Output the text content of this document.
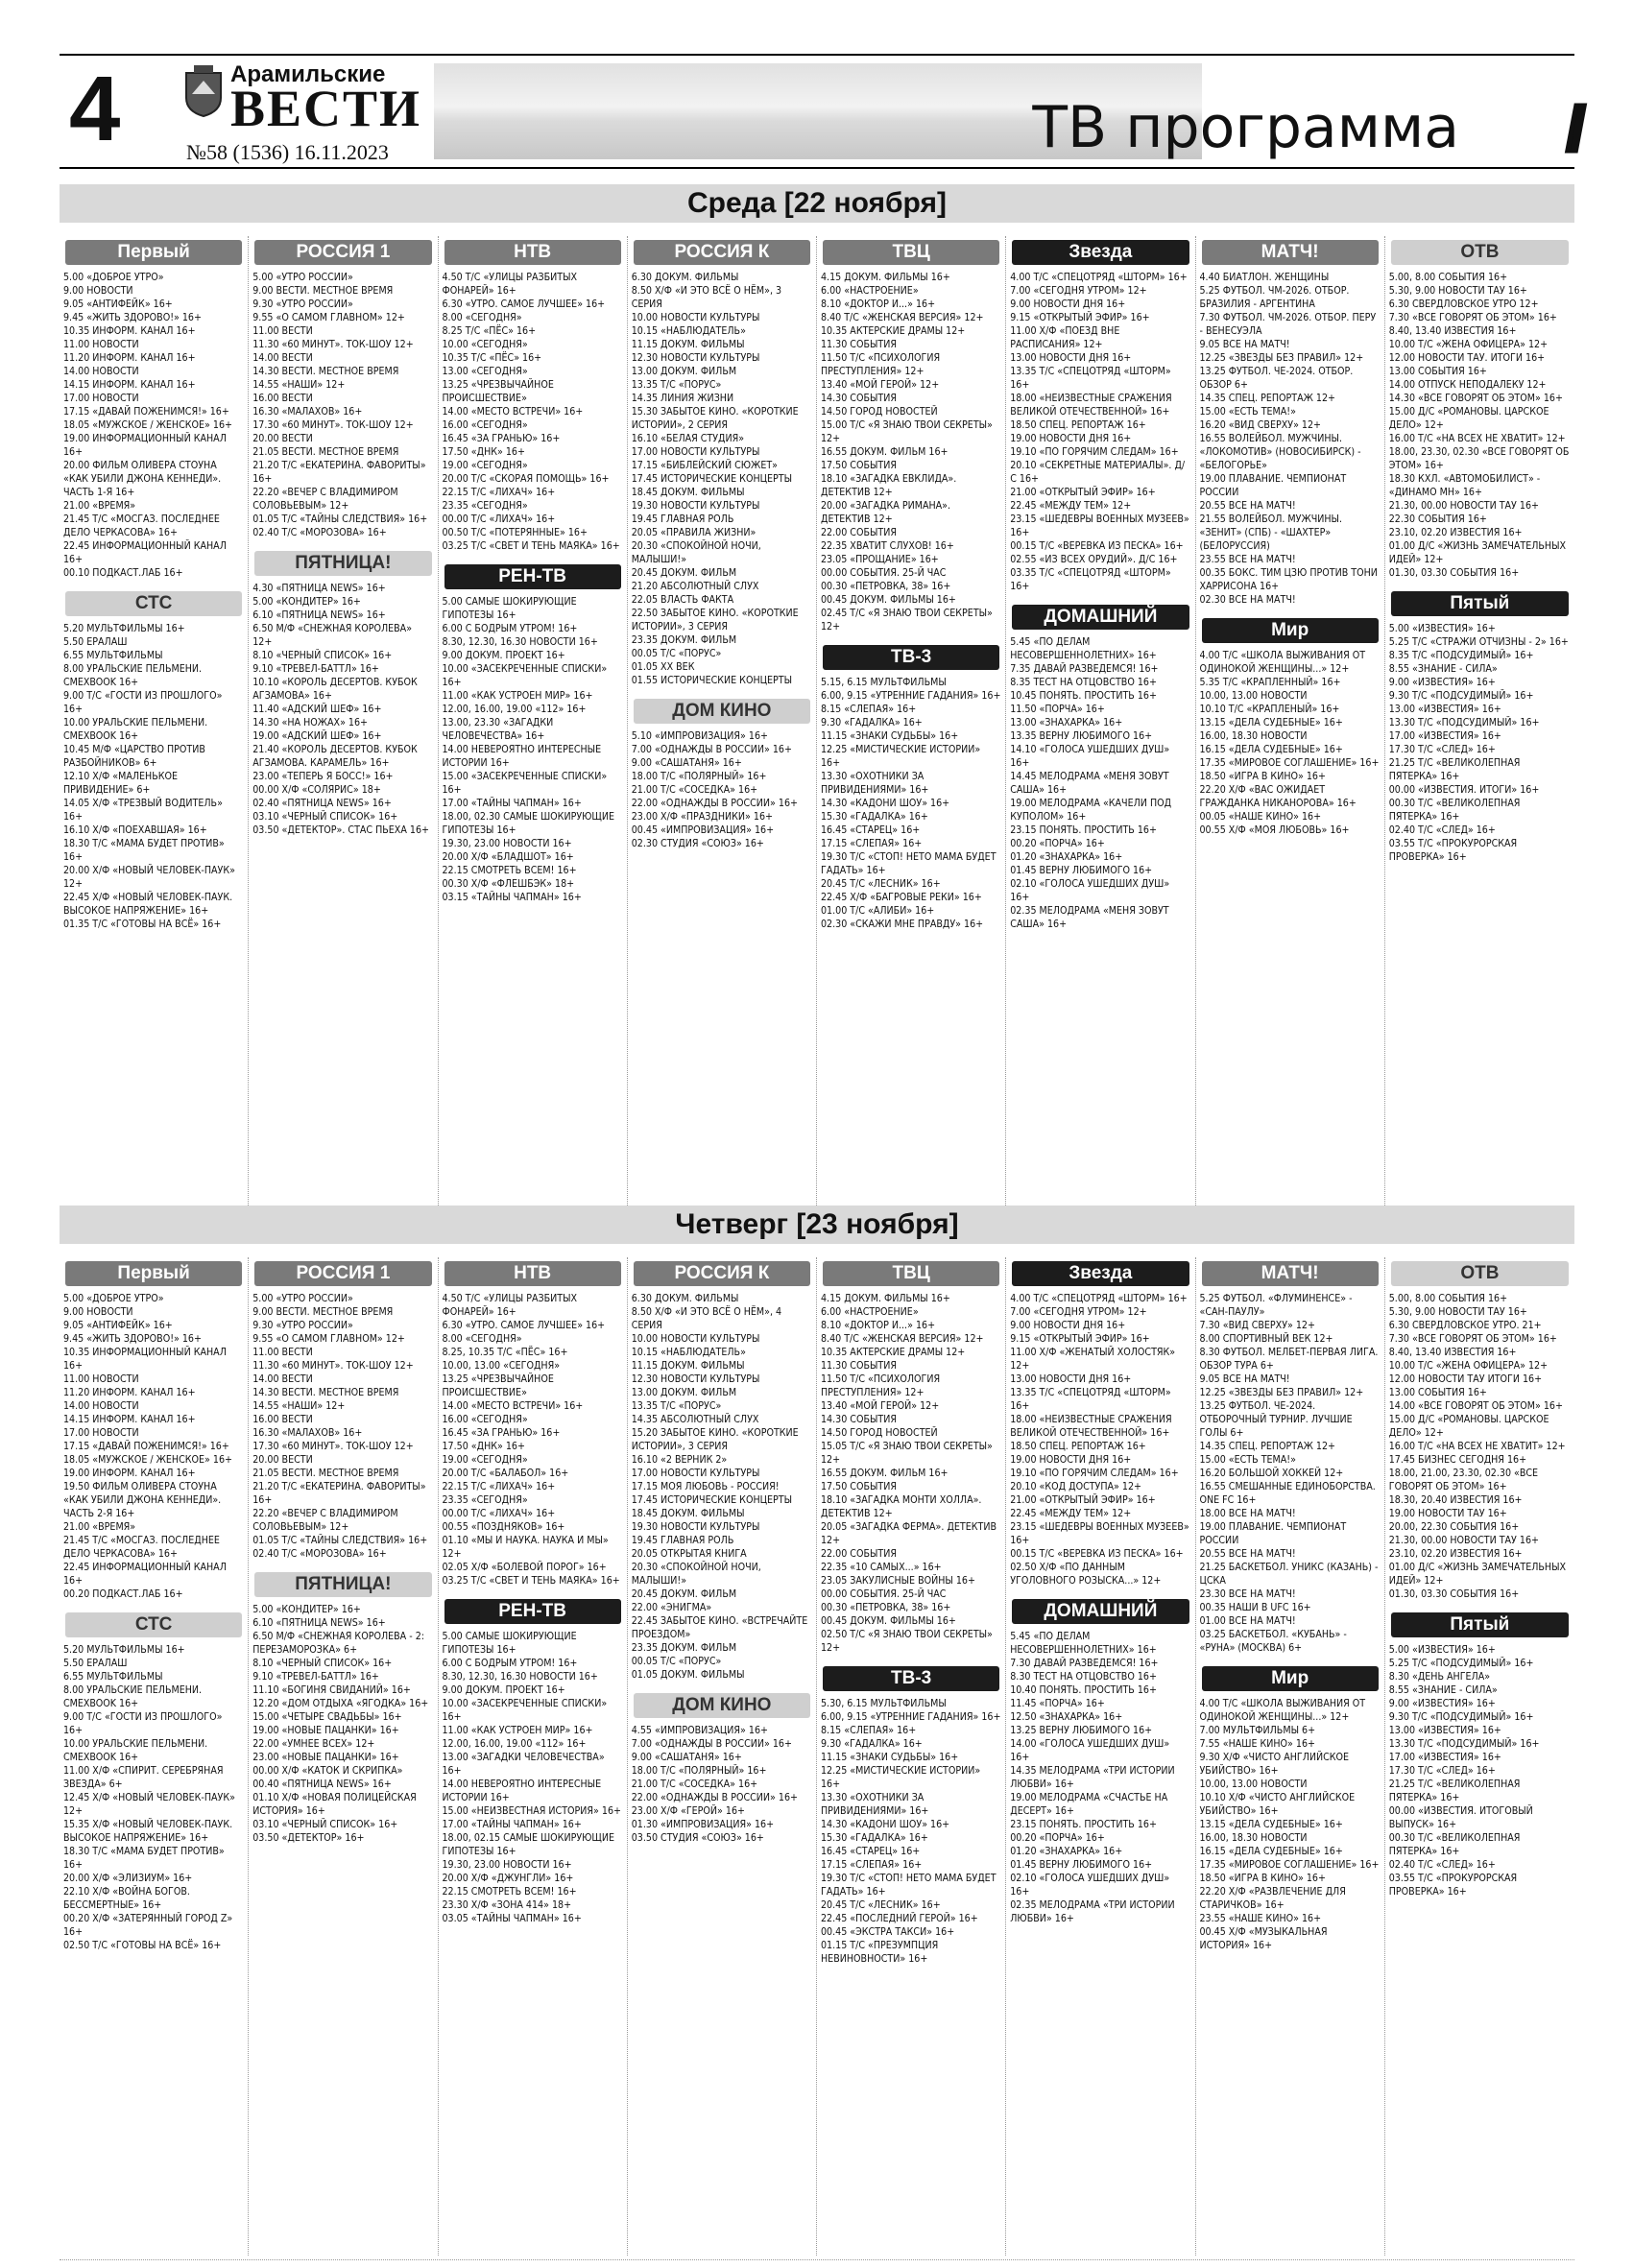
4	Арамильские
ВЕСТИ
№58 (1536) 16.11.2023	ТВ программа //
Среда [22 ноября]
Первый
5.00 «ДОБРОЕ УТРО»
9.00 НОВОСТИ
9.05 «АНТИФЕЙК» 16+
9.45 «ЖИТЬ ЗДОРОВО!» 16+
10.35 ИНФОРМ. КАНАЛ 16+
11.00 НОВОСТИ
11.20 ИНФОРМ. КАНАЛ 16+
14.00 НОВОСТИ
14.15 ИНФОРМ. КАНАЛ 16+
17.00 НОВОСТИ
17.15 «ДАВАЙ ПОЖЕНИМСЯ!» 16+
18.05 «МУЖСКОЕ / ЖЕНСКОЕ» 16+
19.00 ИНФОРМАЦИОННЫЙ КАНАЛ 16+
20.00 ФИЛЬМ ОЛИВЕРА СТОУНА «КАК УБИЛИ ДЖОНА КЕННЕДИ». ЧАСТЬ 1-Я 16+
21.00 «ВРЕМЯ»
21.45 Т/С «МОСГАЗ. ПОСЛЕДНЕЕ ДЕЛО ЧЕРКАСОВА» 16+
22.45 ИНФОРМАЦИОННЫЙ КАНАЛ 16+
00.10 ПОДКАСТ.ЛАБ 16+
СТС
5.20 МУЛЬТФИЛЬМЫ 16+
5.50 ЕРАЛАШ
6.55 МУЛЬТФИЛЬМЫ
8.00 УРАЛЬСКИЕ ПЕЛЬМЕНИ. СМЕХBOOK 16+
9.00 Т/С «ГОСТИ ИЗ ПРОШЛОГО» 16+
10.00 УРАЛЬСКИЕ ПЕЛЬМЕНИ. СМЕХBOOK 16+
10.45 М/Ф «ЦАРСТВО ПРОТИВ РАЗБОЙНИКОВ» 6+
12.10 Х/Ф «МАЛЕНЬКОЕ ПРИВИДЕНИЕ» 6+
14.05 Х/Ф «ТРЕЗВЫЙ ВОДИТЕЛЬ» 16+
16.10 Х/Ф «ПОЕХАВШАЯ» 16+
18.30 Т/С «МАМА БУДЕТ ПРОТИВ» 16+
20.00 Х/Ф «НОВЫЙ ЧЕЛОВЕК-ПАУК» 12+
22.45 Х/Ф «НОВЫЙ ЧЕЛОВЕК-ПАУК. ВЫСОКОЕ НАПРЯЖЕНИЕ» 16+
01.35 Т/С «ГОТОВЫ НА ВСЁ» 16+
РОССИЯ 1
5.00 «УТРО РОССИИ»
9.00 ВЕСТИ. МЕСТНОЕ ВРЕМЯ
9.30 «УТРО РОССИИ»
9.55 «О САМОМ ГЛАВНОМ» 12+
11.00 ВЕСТИ
11.30 «60 МИНУТ». ТОК-ШОУ 12+
14.00 ВЕСТИ
14.30 ВЕСТИ. МЕСТНОЕ ВРЕМЯ
14.55 «НАШИ» 12+
16.00 ВЕСТИ
16.30 «МАЛАХОВ» 16+
17.30 «60 МИНУТ». ТОК-ШОУ 12+
20.00 ВЕСТИ
21.05 ВЕСТИ. МЕСТНОЕ ВРЕМЯ
21.20 Т/С «ЕКАТЕРИНА. ФАВОРИТЫ» 16+
22.20 «ВЕЧЕР С ВЛАДИМИРОМ СОЛОВЬЕВЫМ» 12+
01.05 Т/С «ТАЙНЫ СЛЕДСТВИЯ» 16+
02.40 Т/С «МОРОЗОВА» 16+
ПЯТНИЦА!
4.30 «ПЯТНИЦА NEWS» 16+
5.00 «КОНДИТЕР» 16+
6.10 «ПЯТНИЦА NEWS» 16+
6.50 М/Ф «СНЕЖНАЯ КОРОЛЕВА» 12+
8.10 «ЧЕРНЫЙ СПИСОК» 16+
9.10 «ТРЕВЕЛ-БАТТЛ» 16+
10.10 «КОРОЛЬ ДЕСЕРТОВ. КУБОК АГЗАМОВА» 16+
11.40 «АДСКИЙ ШЕФ» 16+
14.30 «НА НОЖАХ» 16+
19.00 «АДСКИЙ ШЕФ» 16+
21.40 «КОРОЛЬ ДЕСЕРТОВ. КУБОК АГЗАМОВА. КАРАМЕЛЬ» 16+
23.00 «ТЕПЕРЬ Я БОСС!» 16+
00.00 Х/Ф «СОЛЯРИС» 18+
02.40 «ПЯТНИЦА NEWS» 16+
03.10 «ЧЕРНЫЙ СПИСОК» 16+
03.50 «ДЕТЕКТОР». СТАС ПЬЕХА 16+
НТВ
4.50 Т/С «УЛИЦЫ РАЗБИТЫХ ФОНАРЕЙ» 16+
6.30 «УТРО. САМОЕ ЛУЧШЕЕ» 16+
8.00 «СЕГОДНЯ»
8.25 Т/С «ПЁС» 16+
10.00 «СЕГОДНЯ»
10.35 Т/С «ПЁС» 16+
13.00 «СЕГОДНЯ»
13.25 «ЧРЕЗВЫЧАЙНОЕ ПРОИСШЕСТВИЕ»
14.00 «МЕСТО ВСТРЕЧИ» 16+
16.00 «СЕГОДНЯ»
16.45 «ЗА ГРАНЬЮ» 16+
17.50 «ДНК» 16+
19.00 «СЕГОДНЯ»
20.00 Т/С «СКОРАЯ ПОМОЩЬ» 16+
22.15 Т/С «ЛИХАЧ» 16+
23.35 «СЕГОДНЯ»
00.00 Т/С «ЛИХАЧ» 16+
00.50 Т/С «ПОТЕРЯННЫЕ» 16+
03.25 Т/С «СВЕТ И ТЕНЬ МАЯКА» 16+
РЕН-ТВ
5.00 САМЫЕ ШОКИРУЮЩИЕ ГИПОТЕЗЫ 16+
6.00 С БОДРЫМ УТРОМ! 16+
8.30, 12.30, 16.30 НОВОСТИ 16+
9.00 ДОКУМ. ПРОЕКТ 16+
10.00 «ЗАСЕКРЕЧЕННЫЕ СПИСКИ» 16+
11.00 «КАК УСТРОЕН МИР» 16+
12.00, 16.00, 19.00 «112» 16+
13.00, 23.30 «ЗАГАДКИ ЧЕЛОВЕЧЕСТВА» 16+
14.00 НЕВЕРОЯТНО ИНТЕРЕСНЫЕ ИСТОРИИ 16+
15.00 «ЗАСЕКРЕЧЕННЫЕ СПИСКИ» 16+
17.00 «ТАЙНЫ ЧАПМАН» 16+
18.00, 02.30 САМЫЕ ШОКИРУЮЩИЕ ГИПОТЕЗЫ 16+
19.30, 23.00 НОВОСТИ 16+
20.00 Х/Ф «БЛАДШОТ» 16+
22.15 СМОТРЕТЬ ВСЕМ! 16+
00.30 Х/Ф «ФЛЕШБЭК» 18+
03.15 «ТАЙНЫ ЧАПМАН» 16+
РОССИЯ К
6.30 ДОКУМ. ФИЛЬМЫ
8.50 Х/Ф «И ЭТО ВСЁ О НЁМ», 3 СЕРИЯ
10.00 НОВОСТИ КУЛЬТУРЫ
10.15 «НАБЛЮДАТЕЛЬ»
11.15 ДОКУМ. ФИЛЬМЫ
12.30 НОВОСТИ КУЛЬТУРЫ
13.00 ДОКУМ. ФИЛЬМ
13.35 Т/С «ПОРУС»
14.35 ЛИНИЯ ЖИЗНИ
15.30 ЗАБЫТОЕ КИНО. «КОРОТКИЕ ИСТОРИИ», 2 СЕРИЯ
16.10 «БЕЛАЯ СТУДИЯ»
17.00 НОВОСТИ КУЛЬТУРЫ
17.15 «БИБЛЕЙСКИЙ СЮЖЕТ»
17.45 ИСТОРИЧЕСКИЕ КОНЦЕРТЫ
18.45 ДОКУМ. ФИЛЬМЫ
19.30 НОВОСТИ КУЛЬТУРЫ
19.45 ГЛАВНАЯ РОЛЬ
20.05 «ПРАВИЛА ЖИЗНИ»
20.30 «СПОКОЙНОЙ НОЧИ, МАЛЫШИ!»
20.45 ДОКУМ. ФИЛЬМ
21.20 АБСОЛЮТНЫЙ СЛУХ
22.05 ВЛАСТЬ ФАКТА
22.50 ЗАБЫТОЕ КИНО. «КОРОТКИЕ ИСТОРИИ», 3 СЕРИЯ
23.35 ДОКУМ. ФИЛЬМ
00.05 Т/С «ПОРУС»
01.05 ХХ ВЕК
01.55 ИСТОРИЧЕСКИЕ КОНЦЕРТЫ
ДОМ КИНО
5.10 «ИМПРОВИЗАЦИЯ» 16+
7.00 «ОДНАЖДЫ В РОССИИ» 16+
9.00 «САШАТАНЯ» 16+
18.00 Т/С «ПОЛЯРНЫЙ» 16+
21.00 Т/С «СОСЕДКА» 16+
22.00 «ОДНАЖДЫ В РОССИИ» 16+
23.00 Х/Ф «ПРАЗДНИКИ» 16+
00.45 «ИМПРОВИЗАЦИЯ» 16+
02.30 СТУДИЯ «СОЮЗ» 16+
ТВЦ
4.15 ДОКУМ. ФИЛЬМЫ 16+
6.00 «НАСТРОЕНИЕ»
8.10 «ДОКТОР И...» 16+
8.40 Т/С «ЖЕНСКАЯ ВЕРСИЯ» 12+
10.35 АКТЕРСКИЕ ДРАМЫ 12+
11.30 СОБЫТИЯ
11.50 Т/С «ПСИХОЛОГИЯ ПРЕСТУПЛЕНИЯ» 12+
13.40 «МОЙ ГЕРОЙ» 12+
14.30 СОБЫТИЯ
14.50 ГОРОД НОВОСТЕЙ
15.00 Т/С «Я ЗНАЮ ТВОИ СЕКРЕТЫ» 12+
16.55 ДОКУМ. ФИЛЬМ 16+
17.50 СОБЫТИЯ
18.10 «ЗАГАДКА ЕВКЛИДА». ДЕТЕКТИВ 12+
20.00 «ЗАГАДКА РИМАНА». ДЕТЕКТИВ 12+
22.00 СОБЫТИЯ
22.35 ХВАТИТ СЛУХОВ! 16+
23.05 «ПРОЩАНИЕ» 16+
00.00 СОБЫТИЯ. 25-Й ЧАС
00.30 «ПЕТРОВКА, 38» 16+
00.45 ДОКУМ. ФИЛЬМЫ 16+
02.45 Т/С «Я ЗНАЮ ТВОИ СЕКРЕТЫ» 12+
ТВ-3
5.15, 6.15 МУЛЬТФИЛЬМЫ
6.00, 9.15 «УТРЕННИЕ ГАДАНИЯ» 16+
8.15 «СЛЕПАЯ» 16+
9.30 «ГАДАЛКА» 16+
11.15 «ЗНАКИ СУДЬБЫ» 16+
12.25 «МИСТИЧЕСКИЕ ИСТОРИИ» 16+
13.30 «ОХОТНИКИ ЗА ПРИВИДЕНИЯМИ» 16+
14.30 «КАДОНИ ШОУ» 16+
15.30 «ГАДАЛКА» 16+
16.45 «СТАРЕЦ» 16+
17.15 «СЛЕПАЯ» 16+
19.30 Т/С «СТОП! НЕТО МАМА БУДЕТ ГАДАТЬ» 16+
20.45 Т/С «ЛЕСНИК» 16+
22.45 Х/Ф «БАГРОВЫЕ РЕКИ» 16+
01.00 Т/С «АЛИБИ» 16+
02.30 «СКАЖИ МНЕ ПРАВДУ» 16+
Звезда
4.00 Т/С «СПЕЦОТРЯД «ШТОРМ» 16+
7.00 «СЕГОДНЯ УТРОМ» 12+
9.00 НОВОСТИ ДНЯ 16+
9.15 «ОТКРЫТЫЙ ЭФИР» 16+
11.00 Х/Ф «ПОЕЗД ВНЕ РАСПИСАНИЯ» 12+
13.00 НОВОСТИ ДНЯ 16+
13.35 Т/С «СПЕЦОТРЯД «ШТОРМ» 16+
18.00 «НЕИЗВЕСТНЫЕ СРАЖЕНИЯ ВЕЛИКОЙ ОТЕЧЕСТВЕННОЙ» 16+
18.50 СПЕЦ. РЕПОРТАЖ 16+
19.00 НОВОСТИ ДНЯ 16+
19.10 «ПО ГОРЯЧИМ СЛЕДАМ» 16+
20.10 «СЕКРЕТНЫЕ МАТЕРИАЛЫ». Д/С 16+
21.00 «ОТКРЫТЫЙ ЭФИР» 16+
22.45 «МЕЖДУ ТЕМ» 12+
23.15 «ШЕДЕВРЫ ВОЕННЫХ МУЗЕЕВ» 16+
00.15 Т/С «ВЕРЕВКА ИЗ ПЕСКА» 16+
02.55 «ИЗ ВСЕХ ОРУДИЙ». Д/С 16+
03.35 Т/С «СПЕЦОТРЯД «ШТОРМ» 16+
ДОМАШНИЙ
5.45 «ПО ДЕЛАМ НЕСОВЕРШЕННОЛЕТНИХ» 16+
7.35 ДАВАЙ РАЗВЕДЕМСЯ! 16+
8.35 ТЕСТ НА ОТЦОВСТВО 16+
10.45 ПОНЯТЬ. ПРОСТИТЬ 16+
11.50 «ПОРЧА» 16+
13.00 «ЗНАХАРКА» 16+
13.35 ВЕРНУ ЛЮБИМОГО 16+
14.10 «ГОЛОСА УШЕДШИХ ДУШ» 16+
14.45 МЕЛОДРАМА «МЕНЯ ЗОВУТ САША» 16+
19.00 МЕЛОДРАМА «КАЧЕЛИ ПОД КУПОЛОМ» 16+
23.15 ПОНЯТЬ. ПРОСТИТЬ 16+
00.20 «ПОРЧА» 16+
01.20 «ЗНАХАРКА» 16+
01.45 ВЕРНУ ЛЮБИМОГО 16+
02.10 «ГОЛОСА УШЕДШИХ ДУШ» 16+
02.35 МЕЛОДРАМА «МЕНЯ ЗОВУТ САША» 16+
МАТЧ!
4.40 БИАТЛОН. ЖЕНЩИНЫ
5.25 ФУТБОЛ. ЧМ-2026. ОТБОР. БРАЗИЛИЯ - АРГЕНТИНА
7.30 ФУТБОЛ. ЧМ-2026. ОТБОР. ПЕРУ - ВЕНЕСУЭЛА
9.05 ВСЕ НА МАТЧ!
12.25 «ЗВЕЗДЫ БЕЗ ПРАВИЛ» 12+
13.25 ФУТБОЛ. ЧЕ-2024. ОТБОР. ОБЗОР 6+
14.35 СПЕЦ. РЕПОРТАЖ 12+
15.00 «ЕСТЬ ТЕМА!»
16.20 «ВИД СВЕРХУ» 12+
16.55 ВОЛЕЙБОЛ. МУЖЧИНЫ. «ЛОКОМОТИВ» (НОВОСИБИРСК) - «БЕЛОГОРЬЕ»
19.00 ПЛАВАНИЕ. ЧЕМПИОНАТ РОССИИ
20.55 ВСЕ НА МАТЧ!
21.55 ВОЛЕЙБОЛ. МУЖЧИНЫ. «ЗЕНИТ» (СПБ) - «ШАХТЕР» (БЕЛОРУССИЯ)
23.55 ВСЕ НА МАТЧ!
00.35 БОКС. ТИМ ЦЗЮ ПРОТИВ ТОНИ ХАРРИСОНА 16+
02.30 ВСЕ НА МАТЧ!
Мир
4.00 Т/С «ШКОЛА ВЫЖИВАНИЯ ОТ ОДИНОКОЙ ЖЕНЩИНЫ...» 12+
5.35 Т/С «КРАПЛЕННЫЙ» 16+
10.00, 13.00 НОВОСТИ
10.10 Т/С «КРАПЛЕНЫЙ» 16+
13.15 «ДЕЛА СУДЕБНЫЕ» 16+
16.00, 18.30 НОВОСТИ
16.15 «ДЕЛА СУДЕБНЫЕ» 16+
17.35 «МИРОВОЕ СОГЛАШЕНИЕ» 16+
18.50 «ИГРА В КИНО» 16+
22.20 Х/Ф «ВАС ОЖИДАЕТ ГРАЖДАНКА НИКАНОРОВА» 16+
00.05 «НАШЕ КИНО» 16+
00.55 Х/Ф «МОЯ ЛЮБОВЬ» 16+
ОТВ
5.00, 8.00 СОБЫТИЯ 16+
5.30, 9.00 НОВОСТИ ТАУ 16+
6.30 СВЕРДЛОВСКОЕ УТРО 12+
7.30 «ВСЕ ГОВОРЯТ ОБ ЭТОМ» 16+
8.40, 13.40 ИЗВЕСТИЯ 16+
10.00 Т/С «ЖЕНА ОФИЦЕРА» 12+
12.00 НОВОСТИ ТАУ. ИТОГИ 16+
13.00 СОБЫТИЯ 16+
14.00 ОТПУСК НЕПОДАЛЕКУ 12+
14.30 «ВСЕ ГОВОРЯТ ОБ ЭТОМ» 16+
15.00 Д/С «РОМАНОВЫ. ЦАРСКОЕ ДЕЛО» 12+
16.00 Т/С «НА ВСЕХ НЕ ХВАТИТ» 12+
18.00, 23.30, 02.30 «ВСЕ ГОВОРЯТ ОБ ЭТОМ» 16+
18.30 КХЛ. «АВТОМОБИЛИСТ» - «ДИНАМО МН» 16+
21.30, 00.00 НОВОСТИ ТАУ 16+
22.30 СОБЫТИЯ 16+
23.10, 02.20 ИЗВЕСТИЯ 16+
01.00 Д/С «ЖИЗНЬ ЗАМЕЧАТЕЛЬНЫХ ИДЕЙ» 12+
01.30, 03.30 СОБЫТИЯ 16+
Пятый
5.00 «ИЗВЕСТИЯ» 16+
5.25 Т/С «СТРАЖИ ОТЧИЗНЫ - 2» 16+
8.35 Т/С «ПОДСУДИМЫЙ» 16+
8.55 «ЗНАНИЕ - СИЛА»
9.00 «ИЗВЕСТИЯ» 16+
9.30 Т/С «ПОДСУДИМЫЙ» 16+
13.00 «ИЗВЕСТИЯ» 16+
13.30 Т/С «ПОДСУДИМЫЙ» 16+
17.00 «ИЗВЕСТИЯ» 16+
17.30 Т/С «СЛЕД» 16+
21.25 Т/С «ВЕЛИКОЛЕПНАЯ ПЯТЕРКА» 16+
00.00 «ИЗВЕСТИЯ. ИТОГИ» 16+
00.30 Т/С «ВЕЛИКОЛЕПНАЯ ПЯТЕРКА» 16+
02.40 Т/С «СЛЕД» 16+
03.55 Т/С «ПРОКУРОРСКАЯ ПРОВЕРКА» 16+
Четверг [23 ноября]
Первый
5.00 «ДОБРОЕ УТРО»
9.00 НОВОСТИ
9.05 «АНТИФЕЙК» 16+
9.45 «ЖИТЬ ЗДОРОВО!» 16+
10.35 ИНФОРМАЦИОННЫЙ КАНАЛ 16+
11.00 НОВОСТИ
11.20 ИНФОРМ. КАНАЛ 16+
14.00 НОВОСТИ
14.15 ИНФОРМ. КАНАЛ 16+
17.00 НОВОСТИ
17.15 «ДАВАЙ ПОЖЕНИМСЯ!» 16+
18.05 «МУЖСКОЕ / ЖЕНСКОЕ» 16+
19.00 ИНФОРМ. КАНАЛ 16+
19.50 ФИЛЬМ ОЛИВЕРА СТОУНА «КАК УБИЛИ ДЖОНА КЕННЕДИ». ЧАСТЬ 2-Я 16+
21.00 «ВРЕМЯ»
21.45 Т/С «МОСГАЗ. ПОСЛЕДНЕЕ ДЕЛО ЧЕРКАСОВА» 16+
22.45 ИНФОРМАЦИОННЫЙ КАНАЛ 16+
00.20 ПОДКАСТ.ЛАБ 16+
СТС
5.20 МУЛЬТФИЛЬМЫ 16+
5.50 ЕРАЛАШ
6.55 МУЛЬТФИЛЬМЫ
8.00 УРАЛЬСКИЕ ПЕЛЬМЕНИ. СМЕХBOOK 16+
9.00 Т/С «ГОСТИ ИЗ ПРОШЛОГО» 16+
10.00 УРАЛЬСКИЕ ПЕЛЬМЕНИ. СМЕХBOOK 16+
11.00 Х/Ф «СПИРИТ. СЕРЕБРЯНАЯ ЗВЕЗДА» 6+
12.45 Х/Ф «НОВЫЙ ЧЕЛОВЕК-ПАУК» 12+
15.35 Х/Ф «НОВЫЙ ЧЕЛОВЕК-ПАУК. ВЫСОКОЕ НАПРЯЖЕНИЕ» 16+
18.30 Т/С «МАМА БУДЕТ ПРОТИВ» 16+
20.00 Х/Ф «ЭЛИЗИУМ» 16+
22.10 Х/Ф «ВОЙНА БОГОВ. БЕССМЕРТНЫЕ» 16+
00.20 Х/Ф «ЗАТЕРЯННЫЙ ГОРОД Z» 16+
02.50 Т/С «ГОТОВЫ НА ВСЁ» 16+
РОССИЯ 1
5.00 «УТРО РОССИИ»
9.00 ВЕСТИ. МЕСТНОЕ ВРЕМЯ
9.30 «УТРО РОССИИ»
9.55 «О САМОМ ГЛАВНОМ» 12+
11.00 ВЕСТИ
11.30 «60 МИНУТ». ТОК-ШОУ 12+
14.00 ВЕСТИ
14.30 ВЕСТИ. МЕСТНОЕ ВРЕМЯ
14.55 «НАШИ» 12+
16.00 ВЕСТИ
16.30 «МАЛАХОВ» 16+
17.30 «60 МИНУТ». ТОК-ШОУ 12+
20.00 ВЕСТИ
21.05 ВЕСТИ. МЕСТНОЕ ВРЕМЯ
21.20 Т/С «ЕКАТЕРИНА. ФАВОРИТЫ» 16+
22.20 «ВЕЧЕР С ВЛАДИМИРОМ СОЛОВЬЕВЫМ» 12+
01.05 Т/С «ТАЙНЫ СЛЕДСТВИЯ» 16+
02.40 Т/С «МОРОЗОВА» 16+
ПЯТНИЦА!
5.00 «КОНДИТЕР» 16+
6.10 «ПЯТНИЦА NEWS» 16+
6.50 М/Ф «СНЕЖНАЯ КОРОЛЕВА - 2: ПЕРЕЗАМОРОЗКА» 6+
8.10 «ЧЕРНЫЙ СПИСОК» 16+
9.10 «ТРЕВЕЛ-БАТТЛ» 16+
11.10 «БОГИНЯ СВИДАНИЙ» 16+
12.20 «ДОМ ОТДЫХА «ЯГОДКА» 16+
15.00 «ЧЕТЫРЕ СВАДЬБЫ» 16+
19.00 «НОВЫЕ ПАЦАНКИ» 16+
22.00 «УМНЕЕ ВСЕХ» 12+
23.00 «НОВЫЕ ПАЦАНКИ» 16+
00.00 Х/Ф «КАТОК И СКРИПКА»
00.40 «ПЯТНИЦА NEWS» 16+
01.10 Х/Ф «НОВАЯ ПОЛИЦЕЙСКАЯ ИСТОРИЯ» 16+
03.10 «ЧЕРНЫЙ СПИСОК» 16+
03.50 «ДЕТЕКТОР» 16+
НТВ
4.50 Т/С «УЛИЦЫ РАЗБИТЫХ ФОНАРЕЙ» 16+
6.30 «УТРО. САМОЕ ЛУЧШЕЕ» 16+
8.00 «СЕГОДНЯ»
8.25, 10.35 Т/С «ПЁС» 16+
10.00, 13.00 «СЕГОДНЯ»
13.25 «ЧРЕЗВЫЧАЙНОЕ ПРОИСШЕСТВИЕ»
14.00 «МЕСТО ВСТРЕЧИ» 16+
16.00 «СЕГОДНЯ»
16.45 «ЗА ГРАНЬЮ» 16+
17.50 «ДНК» 16+
19.00 «СЕГОДНЯ»
20.00 Т/С «БАЛАБОЛ» 16+
22.15 Т/С «ЛИХАЧ» 16+
23.35 «СЕГОДНЯ»
00.00 Т/С «ЛИХАЧ» 16+
00.55 «ПОЗДНЯКОВ» 16+
01.10 «МЫ И НАУКА. НАУКА И МЫ» 12+
02.05 Х/Ф «БОЛЕВОЙ ПОРОГ» 16+
03.25 Т/С «СВЕТ И ТЕНЬ МАЯКА» 16+
РЕН-ТВ
5.00 САМЫЕ ШОКИРУЮЩИЕ ГИПОТЕЗЫ 16+
6.00 С БОДРЫМ УТРОМ! 16+
8.30, 12.30, 16.30 НОВОСТИ 16+
9.00 ДОКУМ. ПРОЕКТ 16+
10.00 «ЗАСЕКРЕЧЕННЫЕ СПИСКИ» 16+
11.00 «КАК УСТРОЕН МИР» 16+
12.00, 16.00, 19.00 «112» 16+
13.00 «ЗАГАДКИ ЧЕЛОВЕЧЕСТВА» 16+
14.00 НЕВЕРОЯТНО ИНТЕРЕСНЫЕ ИСТОРИИ 16+
15.00 «НЕИЗВЕСТНАЯ ИСТОРИЯ» 16+
17.00 «ТАЙНЫ ЧАПМАН» 16+
18.00, 02.15 САМЫЕ ШОКИРУЮЩИЕ ГИПОТЕЗЫ 16+
19.30, 23.00 НОВОСТИ 16+
20.00 Х/Ф «ДЖУНГЛИ» 16+
22.15 СМОТРЕТЬ ВСЕМ! 16+
23.30 Х/Ф «ЗОНА 414» 18+
03.05 «ТАЙНЫ ЧАПМАН» 16+
РОССИЯ К
6.30 ДОКУМ. ФИЛЬМЫ
8.50 Х/Ф «И ЭТО ВСЁ О НЁМ», 4 СЕРИЯ
10.00 НОВОСТИ КУЛЬТУРЫ
10.15 «НАБЛЮДАТЕЛЬ»
11.15 ДОКУМ. ФИЛЬМЫ
12.30 НОВОСТИ КУЛЬТУРЫ
13.00 ДОКУМ. ФИЛЬМ
13.35 Т/С «ПОРУС»
14.35 АБСОЛЮТНЫЙ СЛУХ
15.20 ЗАБЫТОЕ КИНО. «КОРОТКИЕ ИСТОРИИ», 3 СЕРИЯ
16.10 «2 ВЕРНИК 2»
17.00 НОВОСТИ КУЛЬТУРЫ
17.15 МОЯ ЛЮБОВЬ - РОССИЯ!
17.45 ИСТОРИЧЕСКИЕ КОНЦЕРТЫ
18.45 ДОКУМ. ФИЛЬМЫ
19.30 НОВОСТИ КУЛЬТУРЫ
19.45 ГЛАВНАЯ РОЛЬ
20.05 ОТКРЫТАЯ КНИГА
20.30 «СПОКОЙНОЙ НОЧИ, МАЛЫШИ!»
20.45 ДОКУМ. ФИЛЬМ
22.00 «ЭНИГМА»
22.45 ЗАБЫТОЕ КИНО. «ВСТРЕЧАЙТЕ ПРОЕЗДОМ»
23.35 ДОКУМ. ФИЛЬМ
00.05 Т/С «ПОРУС»
01.05 ДОКУМ. ФИЛЬМЫ
ДОМ КИНО
4.55 «ИМПРОВИЗАЦИЯ» 16+
7.00 «ОДНАЖДЫ В РОССИИ» 16+
9.00 «САШАТАНЯ» 16+
18.00 Т/С «ПОЛЯРНЫЙ» 16+
21.00 Т/С «СОСЕДКА» 16+
22.00 «ОДНАЖДЫ В РОССИИ» 16+
23.00 Х/Ф «ГЕРОЙ» 16+
01.30 «ИМПРОВИЗАЦИЯ» 16+
03.50 СТУДИЯ «СОЮЗ» 16+
ТВЦ
4.15 ДОКУМ. ФИЛЬМЫ 16+
6.00 «НАСТРОЕНИЕ»
8.10 «ДОКТОР И...» 16+
8.40 Т/С «ЖЕНСКАЯ ВЕРСИЯ» 12+
10.35 АКТЕРСКИЕ ДРАМЫ 12+
11.30 СОБЫТИЯ
11.50 Т/С «ПСИХОЛОГИЯ ПРЕСТУПЛЕНИЯ» 12+
13.40 «МОЙ ГЕРОЙ» 12+
14.30 СОБЫТИЯ
14.50 ГОРОД НОВОСТЕЙ
15.05 Т/С «Я ЗНАЮ ТВОИ СЕКРЕТЫ» 12+
16.55 ДОКУМ. ФИЛЬМ 16+
17.50 СОБЫТИЯ
18.10 «ЗАГАДКА МОНТИ ХОЛЛА». ДЕТЕКТИВ 12+
20.05 «ЗАГАДКА ФЕРМА». ДЕТЕКТИВ 12+
22.00 СОБЫТИЯ
22.35 «10 САМЫХ...» 16+
23.05 ЗАКУЛИСНЫЕ ВОЙНЫ 16+
00.00 СОБЫТИЯ. 25-Й ЧАС
00.30 «ПЕТРОВКА, 38» 16+
00.45 ДОКУМ. ФИЛЬМЫ 16+
02.50 Т/С «Я ЗНАЮ ТВОИ СЕКРЕТЫ» 12+
ТВ-3
5.30, 6.15 МУЛЬТФИЛЬМЫ
6.00, 9.15 «УТРЕННИЕ ГАДАНИЯ» 16+
8.15 «СЛЕПАЯ» 16+
9.30 «ГАДАЛКА» 16+
11.15 «ЗНАКИ СУДЬБЫ» 16+
12.25 «МИСТИЧЕСКИЕ ИСТОРИИ» 16+
13.30 «ОХОТНИКИ ЗА ПРИВИДЕНИЯМИ» 16+
14.30 «КАДОНИ ШОУ» 16+
15.30 «ГАДАЛКА» 16+
16.45 «СТАРЕЦ» 16+
17.15 «СЛЕПАЯ» 16+
19.30 Т/С «СТОП! НЕТО МАМА БУДЕТ ГАДАТЬ» 16+
20.45 Т/С «ЛЕСНИК» 16+
22.45 «ПОСЛЕДНИЙ ГЕРОЙ» 16+
00.45 «ЭКСТРА ТАКСИ» 16+
01.15 Т/С «ПРЕЗУМПЦИЯ НЕВИНОВНОСТИ» 16+
Звезда
4.00 Т/С «СПЕЦОТРЯД «ШТОРМ» 16+
7.00 «СЕГОДНЯ УТРОМ» 12+
9.00 НОВОСТИ ДНЯ 16+
9.15 «ОТКРЫТЫЙ ЭФИР» 16+
11.00 Х/Ф «ЖЕНАТЫЙ ХОЛОСТЯК» 12+
13.00 НОВОСТИ ДНЯ 16+
13.35 Т/С «СПЕЦОТРЯД «ШТОРМ» 16+
18.00 «НЕИЗВЕСТНЫЕ СРАЖЕНИЯ ВЕЛИКОЙ ОТЕЧЕСТВЕННОЙ» 16+
18.50 СПЕЦ. РЕПОРТАЖ 16+
19.00 НОВОСТИ ДНЯ 16+
19.10 «ПО ГОРЯЧИМ СЛЕДАМ» 16+
20.10 «КОД ДОСТУПА» 12+
21.00 «ОТКРЫТЫЙ ЭФИР» 16+
22.45 «МЕЖДУ ТЕМ» 12+
23.15 «ШЕДЕВРЫ ВОЕННЫХ МУЗЕЕВ» 16+
00.15 Т/С «ВЕРЕВКА ИЗ ПЕСКА» 16+
02.50 Х/Ф «ПО ДАННЫМ УГОЛОВНОГО РОЗЫСКА...» 12+
ДОМАШНИЙ
5.45 «ПО ДЕЛАМ НЕСОВЕРШЕННОЛЕТНИХ» 16+
7.30 ДАВАЙ РАЗВЕДЕМСЯ! 16+
8.30 ТЕСТ НА ОТЦОВСТВО 16+
10.40 ПОНЯТЬ. ПРОСТИТЬ 16+
11.45 «ПОРЧА» 16+
12.50 «ЗНАХАРКА» 16+
13.25 ВЕРНУ ЛЮБИМОГО 16+
14.00 «ГОЛОСА УШЕДШИХ ДУШ» 16+
14.35 МЕЛОДРАМА «ТРИ ИСТОРИИ ЛЮБВИ» 16+
19.00 МЕЛОДРАМА «СЧАСТЬЕ НА ДЕСЕРТ» 16+
23.15 ПОНЯТЬ. ПРОСТИТЬ 16+
00.20 «ПОРЧА» 16+
01.20 «ЗНАХАРКА» 16+
01.45 ВЕРНУ ЛЮБИМОГО 16+
02.10 «ГОЛОСА УШЕДШИХ ДУШ» 16+
02.35 МЕЛОДРАМА «ТРИ ИСТОРИИ ЛЮБВИ» 16+
МАТЧ!
5.25 ФУТБОЛ. «ФЛУМИНЕНСЕ» - «САН-ПАУЛУ»
7.30 «ВИД СВЕРХУ» 12+
8.00 СПОРТИВНЫЙ ВЕК 12+
8.30 ФУТБОЛ. МЕЛБЕТ-ПЕРВАЯ ЛИГА. ОБЗОР ТУРА 6+
9.05 ВСЕ НА МАТЧ!
12.25 «ЗВЕЗДЫ БЕЗ ПРАВИЛ» 12+
13.25 ФУТБОЛ. ЧЕ-2024. ОТБОРОЧНЫЙ ТУРНИР. ЛУЧШИЕ ГОЛЫ 6+
14.35 СПЕЦ. РЕПОРТАЖ 12+
15.00 «ЕСТЬ ТЕМА!»
16.20 БОЛЬШОЙ ХОККЕЙ 12+
16.55 СМЕШАННЫЕ ЕДИНОБОРСТВА. ONE FC 16+
18.00 ВСЕ НА МАТЧ!
19.00 ПЛАВАНИЕ. ЧЕМПИОНАТ РОССИИ
20.55 ВСЕ НА МАТЧ!
21.25 БАСКЕТБОЛ. УНИКС (КАЗАНЬ) - ЦСКА
23.30 ВСЕ НА МАТЧ!
00.35 НАШИ В UFC 16+
01.00 ВСЕ НА МАТЧ!
03.25 БАСКЕТБОЛ. «КУБАНЬ» - «РУНА» (МОСКВА) 6+
Мир
4.00 Т/С «ШКОЛА ВЫЖИВАНИЯ ОТ ОДИНОКОЙ ЖЕНЩИНЫ...» 12+
7.00 МУЛЬТФИЛЬМЫ 6+
7.55 «НАШЕ КИНО» 16+
9.30 Х/Ф «ЧИСТО АНГЛИЙСКОЕ УБИЙСТВО» 16+
10.00, 13.00 НОВОСТИ
10.10 Х/Ф «ЧИСТО АНГЛИЙСКОЕ УБИЙСТВО» 16+
13.15 «ДЕЛА СУДЕБНЫЕ» 16+
16.00, 18.30 НОВОСТИ
16.15 «ДЕЛА СУДЕБНЫЕ» 16+
17.35 «МИРОВОЕ СОГЛАШЕНИЕ» 16+
18.50 «ИГРА В КИНО» 16+
22.20 Х/Ф «РАЗВЛЕЧЕНИЕ ДЛЯ СТАРИЧКОВ» 16+
23.55 «НАШЕ КИНО» 16+
00.45 Х/Ф «МУЗЫКАЛЬНАЯ ИСТОРИЯ» 16+
ОТВ
5.00, 8.00 СОБЫТИЯ 16+
5.30, 9.00 НОВОСТИ ТАУ 16+
6.30 СВЕРДЛОВСКОЕ УТРО. 21+
7.30 «ВСЕ ГОВОРЯТ ОБ ЭТОМ» 16+
8.40, 13.40 ИЗВЕСТИЯ 16+
10.00 Т/С «ЖЕНА ОФИЦЕРА» 12+
12.00 НОВОСТИ ТАУ ИТОГИ 16+
13.00 СОБЫТИЯ 16+
14.00 «ВСЕ ГОВОРЯТ ОБ ЭТОМ» 16+
15.00 Д/С «РОМАНОВЫ. ЦАРСКОЕ ДЕЛО» 12+
16.00 Т/С «НА ВСЕХ НЕ ХВАТИТ» 12+
17.45 БИЗНЕС СЕГОДНЯ 16+
18.00, 21.00, 23.30, 02.30 «ВСЕ ГОВОРЯТ ОБ ЭТОМ» 16+
18.30, 20.40 ИЗВЕСТИЯ 16+
19.00 НОВОСТИ ТАУ 16+
20.00, 22.30 СОБЫТИЯ 16+
21.30, 00.00 НОВОСТИ ТАУ 16+
23.10, 02.20 ИЗВЕСТИЯ 16+
01.00 Д/С «ЖИЗНЬ ЗАМЕЧАТЕЛЬНЫХ ИДЕЙ» 12+
01.30, 03.30 СОБЫТИЯ 16+
Пятый
5.00 «ИЗВЕСТИЯ» 16+
5.25 Т/С «ПОДСУДИМЫЙ» 16+
8.30 «ДЕНЬ АНГЕЛА»
8.55 «ЗНАНИЕ - СИЛА»
9.00 «ИЗВЕСТИЯ» 16+
9.30 Т/С «ПОДСУДИМЫЙ» 16+
13.00 «ИЗВЕСТИЯ» 16+
13.30 Т/С «ПОДСУДИМЫЙ» 16+
17.00 «ИЗВЕСТИЯ» 16+
17.30 Т/С «СЛЕД» 16+
21.25 Т/С «ВЕЛИКОЛЕПНАЯ ПЯТЕРКА» 16+
00.00 «ИЗВЕСТИЯ. ИТОГОВЫЙ ВЫПУСК» 16+
00.30 Т/С «ВЕЛИКОЛЕПНАЯ ПЯТЕРКА» 16+
02.40 Т/С «СЛЕД» 16+
03.55 Т/С «ПРОКУРОРСКАЯ ПРОВЕРКА» 16+
